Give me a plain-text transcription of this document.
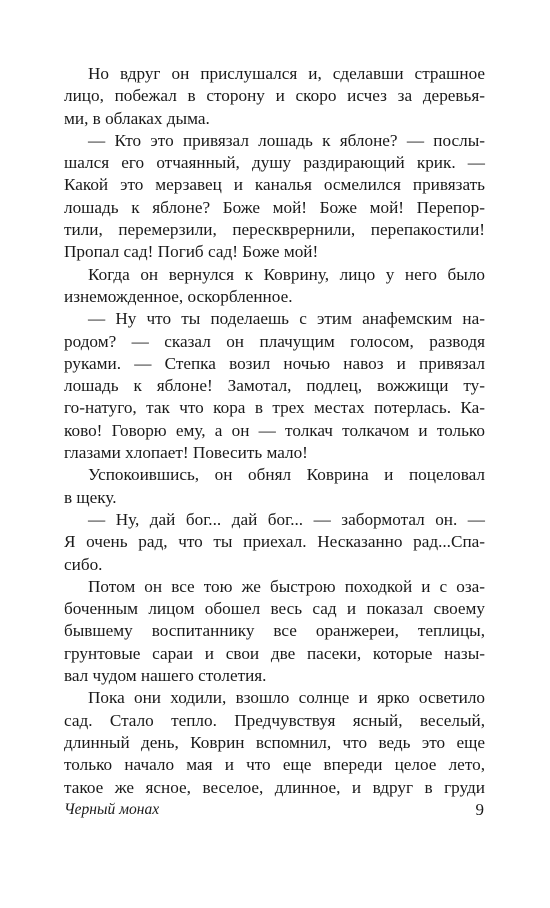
Но вдруг он прислушался и, сделавши страшное
лицо, побежал в сторону и скоро исчез за деревья-
ми, в облаках дыма.
— Кто это привязал лошадь к яблоне? — послы-
шался его отчаянный, душу раздирающий крик. —
Какой это мерзавец и каналья осмелился привязать
лошадь к яблоне? Боже мой! Боже мой! Перепор-
тили, перемерзили, перескврернили, перепакостили!
Пропал сад! Погиб сад! Боже мой!
Когда он вернулся к Коврину, лицо у него было
изнеможденное, оскорбленное.
— Ну что ты поделаешь с этим анафемским на-
родом? — сказал он плачущим голосом, разводя
руками. — Степка возил ночью навоз и привязал
лошадь к яблоне! Замотал, подлец, вожжищи ту-
го-натуго, так что кора в трех местах потерлась. Ка-
ково! Говорю ему, а он — толкач толкачом и только
глазами хлопает! Повесить мало!
Успокоившись, он обнял Коврина и поцеловал
в щеку.
— Ну, дай бог... дай бог... — забормотал он. —
Я очень рад, что ты приехал. Несказанно рад...Спа-
сибо.
Потом он все тою же быстрою походкой и с оза-
боченным лицом обошел весь сад и показал своему
бывшему воспитаннику все оранжереи, теплицы,
грунтовые сараи и свои две пасеки, которые назы-
вал чудом нашего столетия.
Пока они ходили, взошло солнце и ярко осветило
сад. Стало тепло. Предчувствуя ясный, веселый,
длинный день, Коврин вспомнил, что ведь это еще
только начало мая и что еще впереди целое лето,
такое же ясное, веселое, длинное, и вдруг в груди
Черный монах	9
